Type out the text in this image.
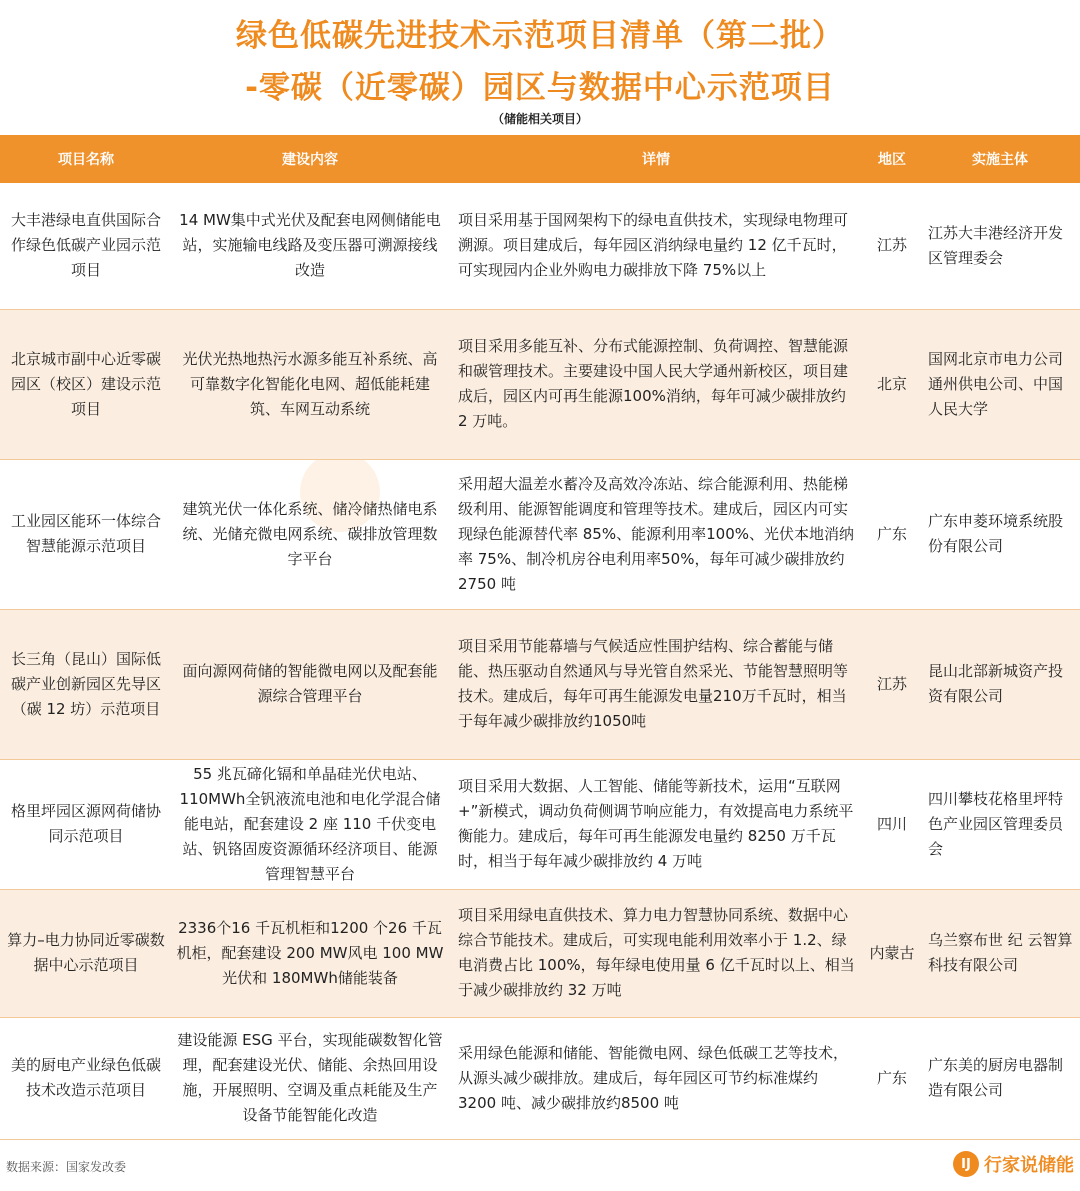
绿色低碳先进技术示范项目清单（第二批）
-零碳（近零碳）园区与数据中心示范项目
（储能相关项目）
项目名称	建设内容	详情	地区	实施主体
大丰港绿电直供国际合作绿色低碳产业园示范项目	14 MW集中式光伏及配套电网侧储能电站，实施输电线路及变压器可溯源接线改造	项目采用基于国网架构下的绿电直供技术，实现绿电物理可溯源。项目建成后，每年园区消纳绿电量约 12 亿千瓦时，可实现园内企业外购电力碳排放下降 75%以上	江苏	江苏大丰港经济开发区管理委会
北京城市副中心近零碳园区（校区）建设示范项目	光伏光热地热污水源多能互补系统、高可靠数字化智能化电网、超低能耗建筑、车网互动系统	项目采用多能互补、分布式能源控制、负荷调控、智慧能源和碳管理技术。主要建设中国人民大学通州新校区，项目建成后，园区内可再生能源100%消纳，每年可减少碳排放约 2 万吨。	北京	国网北京市电力公司通州供电公司、中国人民大学
工业园区能环一体综合智慧能源示范项目	建筑光伏一体化系统、储冷储热储电系统、光储充微电网系统、碳排放管理数字平台	采用超大温差水蓄冷及高效冷冻站、综合能源利用、热能梯级利用、能源智能调度和管理等技术。建成后，园区内可实现绿色能源替代率 85%、能源利用率100%、光伏本地消纳率 75%、制冷机房谷电利用率50%，每年可减少碳排放约 2750 吨	广东	广东申菱环境系统股份有限公司
长三角（昆山）国际低碳产业创新园区先导区（碳 12 坊）示范项目	面向源网荷储的智能微电网以及配套能源综合管理平台	项目采用节能幕墙与气候适应性围护结构、综合蓄能与储能、热压驱动自然通风与导光管自然采光、节能智慧照明等技术。建成后，每年可再生能源发电量210万千瓦时，相当于每年减少碳排放约1050吨	江苏	昆山北部新城资产投资有限公司
格里坪园区源网荷储协同示范项目	55 兆瓦碲化镉和单晶硅光伏电站、110MWh全钒液流电池和电化学混合储能电站，配套建设 2 座 110 千伏变电站、钒铬固废资源循环经济项目、能源管理智慧平台	项目采用大数据、人工智能、储能等新技术，运用“互联网+”新模式，调动负荷侧调节响应能力，有效提高电力系统平衡能力。建成后，每年可再生能源发电量约 8250 万千瓦时，相当于每年减少碳排放约 4 万吨	四川	四川攀枝花格里坪特色产业园区管理委员会
算力–电力协同近零碳数据中心示范项目	2336个16 千瓦机柜和1200 个26 千瓦机柜，配套建设 200 MW风电 100 MW光伏和 180MWh储能装备	项目采用绿电直供技术、算力电力智慧协同系统、数据中心综合节能技术。建成后，可实现电能利用效率小于 1.2、绿电消费占比 100%，每年绿电使用量 6 亿千瓦时以上、相当于减少碳排放约 32 万吨	内蒙古	乌兰察布世 纪 云智算科技有限公司
美的厨电产业绿色低碳技术改造示范项目	建设能源 ESG 平台，实现能碳数智化管理，配套建设光伏、储能、余热回用设施，开展照明、空调及重点耗能及生产设备节能智能化改造	采用绿色能源和储能、智能微电网、绿色低碳工艺等技术，从源头减少碳排放。建成后，每年园区可节约标准煤约 3200 吨、减少碳排放约8500 吨	广东	广东美的厨房电器制造有限公司
数据来源：国家发改委	IJ 行家说储能
